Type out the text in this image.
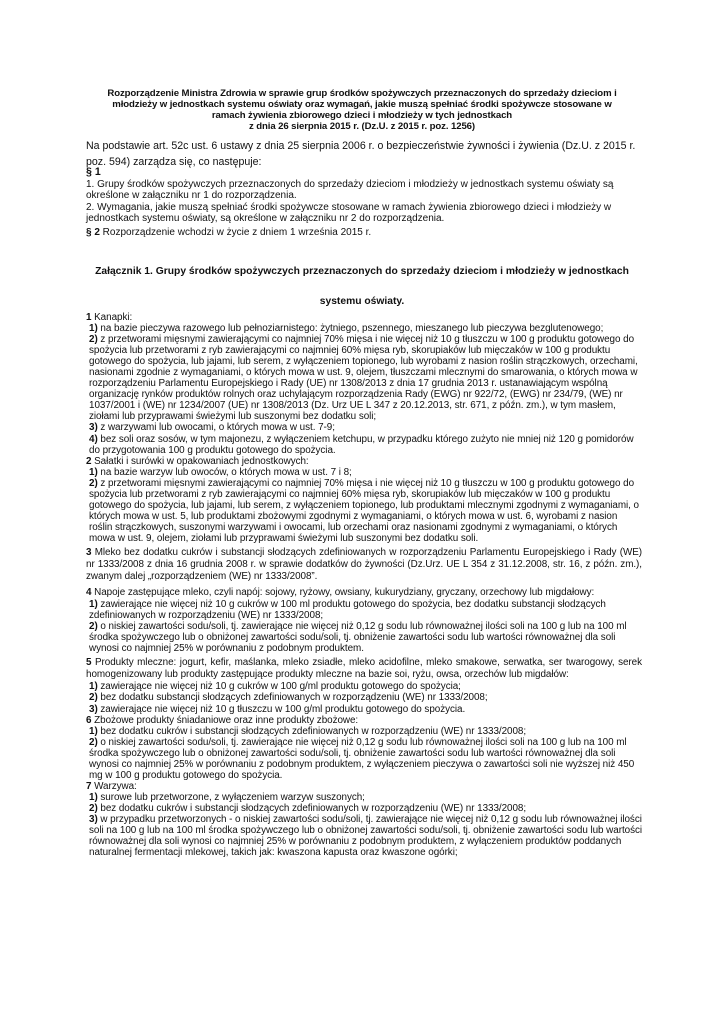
Rozporządzenie Ministra Zdrowia w sprawie grup środków spożywczych przeznaczonych do sprzedaży dzieciom i
młodzieży w jednostkach systemu oświaty oraz wymagań, jakie muszą spełniać środki spożywcze stosowane w
ramach żywienia zbiorowego dzieci i młodzieży w tych jednostkach
z dnia 26 sierpnia 2015 r. (Dz.U. z 2015 r. poz. 1256)

Na podstawie art. 52c ust. 6 ustawy z dnia 25 sierpnia 2006 r. o bezpieczeństwie żywności i żywienia (Dz.U. z 2015 r. poz. 594) zarządza się, co następuje:

§ 1

1. Grupy środków spożywczych przeznaczonych do sprzedaży dzieciom i młodzieży w jednostkach systemu oświaty są określone w załączniku nr 1 do rozporządzenia.

2. Wymagania, jakie muszą spełniać środki spożywcze stosowane w ramach żywienia zbiorowego dzieci i młodzieży w jednostkach systemu oświaty, są określone w załączniku nr 2 do rozporządzenia.

§ 2 Rozporządzenie wchodzi w życie z dniem 1 września 2015 r.

Załącznik 1. Grupy środków spożywczych przeznaczonych do sprzedaży dzieciom i młodzieży w jednostkach
systemu oświaty.

1 Kanapki:

1) na bazie pieczywa razowego lub pełnoziarnistego: żytniego, pszennego, mieszanego lub pieczywa bezglutenowego;

2) z przetworami mięsnymi zawierającymi co najmniej 70% mięsa i nie więcej niż 10 g tłuszczu w 100 g produktu gotowego do spożycia lub przetworami z ryb zawierającymi co najmniej 60% mięsa ryb, skorupiaków lub mięczaków w 100 g produktu gotowego do spożycia, lub jajami, lub serem, z wyłączeniem topionego, lub wyrobami z nasion roślin strączkowych, orzechami, nasionami zgodnie z wymaganiami, o których mowa w ust. 9, olejem, tłuszczami mlecznymi do smarowania, o których mowa w rozporządzeniu Parlamentu Europejskiego i Rady (UE) nr 1308/2013 z dnia 17 grudnia 2013 r. ustanawiającym wspólną organizację rynków produktów rolnych oraz uchylającym rozporządzenia Rady (EWG) nr 922/72, (EWG) nr 234/79, (WE) nr 1037/2001 i (WE) nr 1234/2007 (UE) nr 1308/2013 (Dz. Urz UE L 347 z 20.12.2013, str. 671, z późn. zm.), w tym masłem, ziołami lub przyprawami świeżymi lub suszonymi bez dodatku soli;

3) z warzywami lub owocami, o których mowa w ust. 7-9;

4) bez soli oraz sosów, w tym majonezu, z wyłączeniem ketchupu, w przypadku którego zużyto nie mniej niż 120 g pomidorów do przygotowania 100 g produktu gotowego do spożycia.

2 Sałatki i surówki w opakowaniach jednostkowych:

1) na bazie warzyw lub owoców, o których mowa w ust. 7 i 8;

2) z przetworami mięsnymi zawierającymi co najmniej 70% mięsa i nie więcej niż 10 g tłuszczu w 100 g produktu gotowego do spożycia lub przetworami z ryb zawierającymi co najmniej 60% mięsa ryb, skorupiaków lub mięczaków w 100 g produktu gotowego do spożycia, lub jajami, lub serem, z wyłączeniem topionego, lub produktami mlecznymi zgodnymi z wymaganiami, o których mowa w ust. 5, lub produktami zbożowymi zgodnymi z wymaganiami, o których mowa w ust. 6, wyrobami z nasion roślin strączkowych, suszonymi warzywami i owocami, lub orzechami oraz nasionami zgodnymi z wymaganiami, o których mowa w ust. 9, olejem, ziołami lub przyprawami świeżymi lub suszonymi bez dodatku soli.

3 Mleko bez dodatku cukrów i substancji słodzących zdefiniowanych w rozporządzeniu Parlamentu Europejskiego i Rady (WE) nr 1333/2008 z dnia 16 grudnia 2008 r. w sprawie dodatków do żywności (Dz.Urz. UE L 354 z 31.12.2008, str. 16, z późn. zm.), zwanym dalej „rozporządzeniem (WE) nr 1333/2008”.

4 Napoje zastępujące mleko, czyli napój: sojowy, ryżowy, owsiany, kukurydziany, gryczany, orzechowy lub migdałowy:

1) zawierające nie więcej niż 10 g cukrów w 100 ml produktu gotowego do spożycia, bez dodatku substancji słodzących zdefiniowanych w rozporządzeniu (WE) nr 1333/2008;

2) o niskiej zawartości sodu/soli, tj. zawierające nie więcej niż 0,12 g sodu lub równoważnej ilości soli na 100 g lub na 100 ml środka spożywczego lub o obniżonej zawartości sodu/soli, tj. obniżenie zawartości sodu lub wartości równoważnej dla soli wynosi co najmniej 25% w porównaniu z podobnym produktem.

5 Produkty mleczne: jogurt, kefir, maślanka, mleko zsiadłe, mleko acidofilne, mleko smakowe, serwatka, ser twarogowy, serek homogenizowany lub produkty zastępujące produkty mleczne na bazie soi, ryżu, owsa, orzechów lub migdałów:

1) zawierające nie więcej niż 10 g cukrów w 100 g/ml produktu gotowego do spożycia;

2) bez dodatku substancji słodzących zdefiniowanych w rozporządzeniu (WE) nr 1333/2008;

3) zawierające nie więcej niż 10 g tłuszczu w 100 g/ml produktu gotowego do spożycia.

6 Zbożowe produkty śniadaniowe oraz inne produkty zbożowe:

1) bez dodatku cukrów i substancji słodzących zdefiniowanych w rozporządzeniu (WE) nr 1333/2008;

2) o niskiej zawartości sodu/soli, tj. zawierające nie więcej niż 0,12 g sodu lub równoważnej ilości soli na 100 g lub na 100 ml środka spożywczego lub o obniżonej zawartości sodu/soli, tj. obniżenie zawartości sodu lub wartości równoważnej dla soli wynosi co najmniej 25% w porównaniu z podobnym produktem, z wyłączeniem pieczywa o zawartości soli nie wyższej niż 450 mg w 100 g produktu gotowego do spożycia.

7 Warzywa:

1) surowe lub przetworzone, z wyłączeniem warzyw suszonych;

2) bez dodatku cukrów i substancji słodzących zdefiniowanych w rozporządzeniu (WE) nr 1333/2008;

3) w przypadku przetworzonych - o niskiej zawartości sodu/soli, tj. zawierające nie więcej niż 0,12 g sodu lub równoważnej ilości soli na 100 g lub na 100 ml środka spożywczego lub o obniżonej zawartości sodu/soli, tj. obniżenie zawartości sodu lub wartości równoważnej dla soli wynosi co najmniej 25% w porównaniu z podobnym produktem, z wyłączeniem produktów poddanych naturalnej fermentacji mlekowej, takich jak: kwaszona kapusta oraz kwaszone ogórki;
